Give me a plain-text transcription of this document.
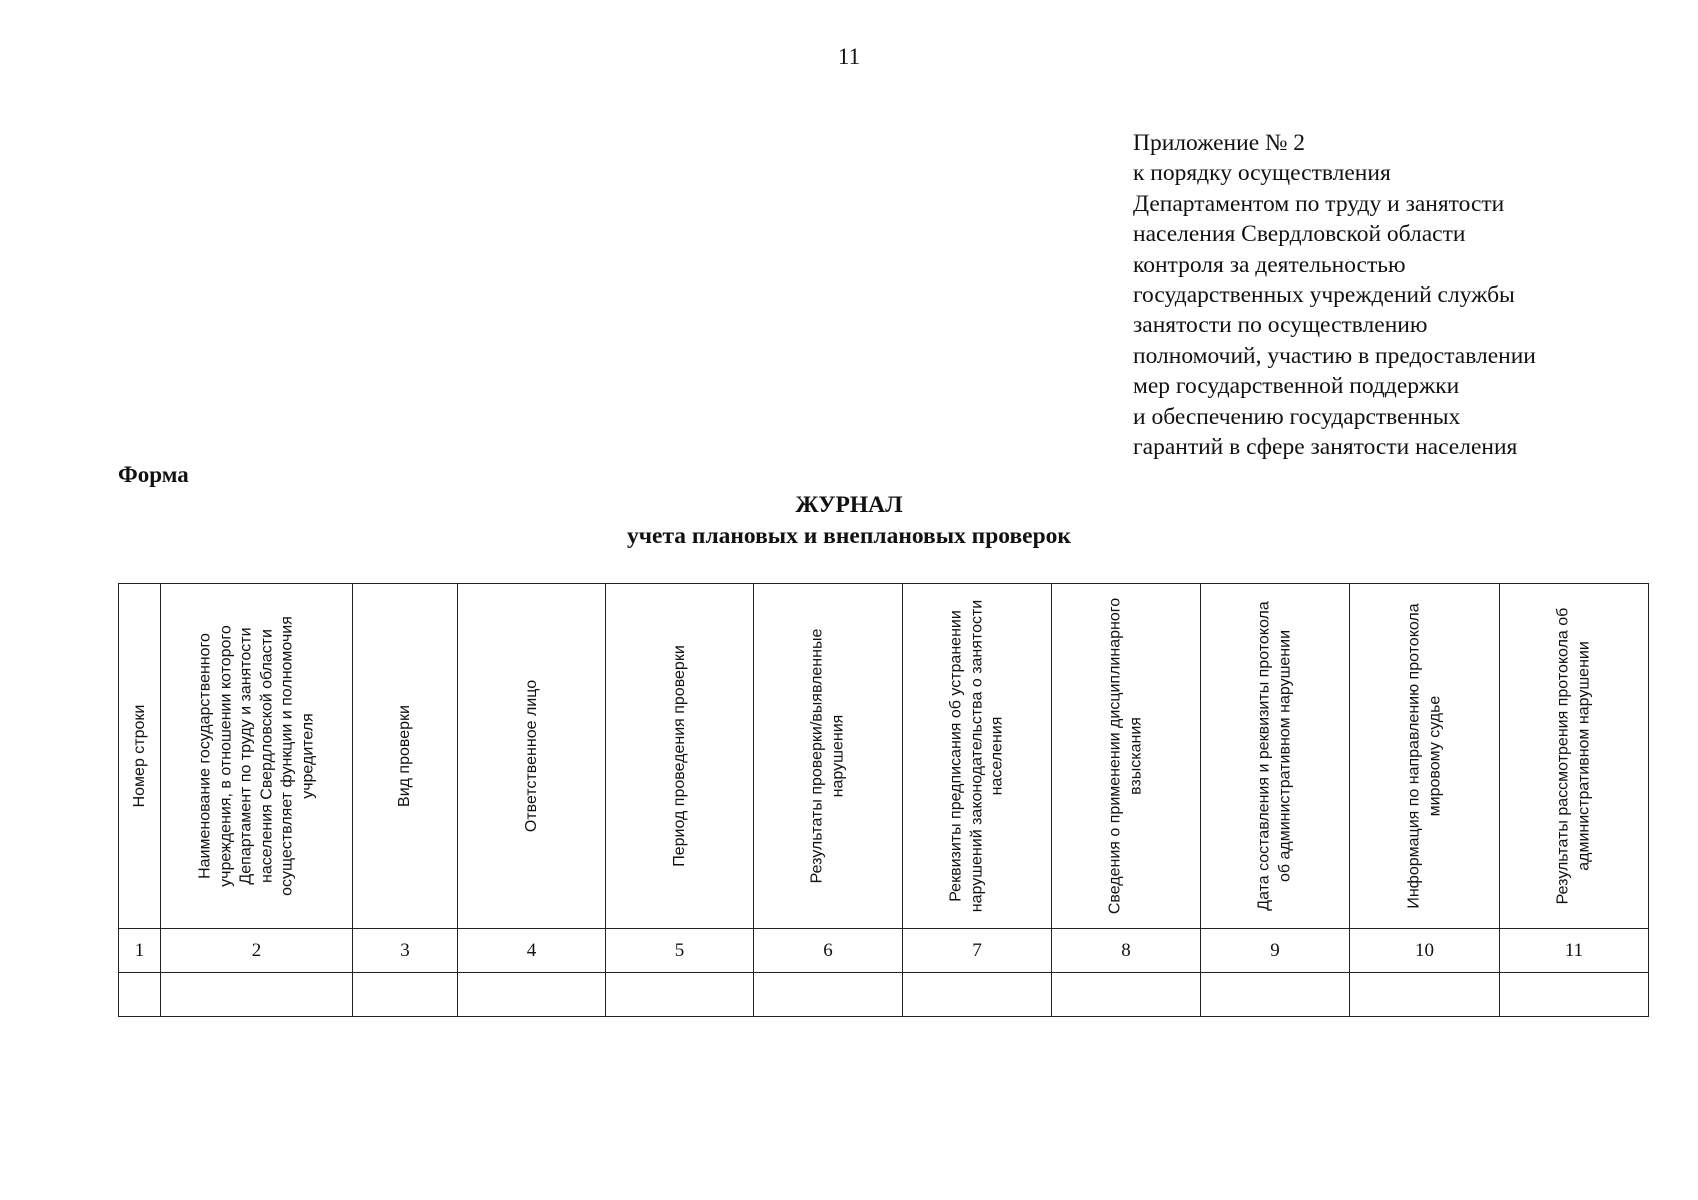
11
Приложение № 2
к порядку осуществления
Департаментом по труду и занятости
населения Свердловской области
контроля за деятельностью
государственных учреждений службы
занятости по осуществлению
полномочий, участию в предоставлении
мер государственной поддержки
и обеспечению государственных
гарантий в сфере занятости населения
Форма
ЖУРНАЛ
учета плановых и внеплановых проверок
Номер строки	Наименование государственного учреждения, в отношении которого Департамент по труду и занятости населения Свердловской области осуществляет функции и полномочия учредителя	Вид проверки	Ответственное лицо	Период проведения проверки	Результаты проверки/выявленные нарушения	Реквизиты предписания об устранении нарушений законодательства о занятости населения	Сведения о применении дисциплинарного взыскания	Дата составления и реквизиты протокола об административном нарушении	Информация по направлению протокола мировому судье	Результаты рассмотрения протокола об административном нарушении

1	2	3	4	5	6	7	8	9	10	11
